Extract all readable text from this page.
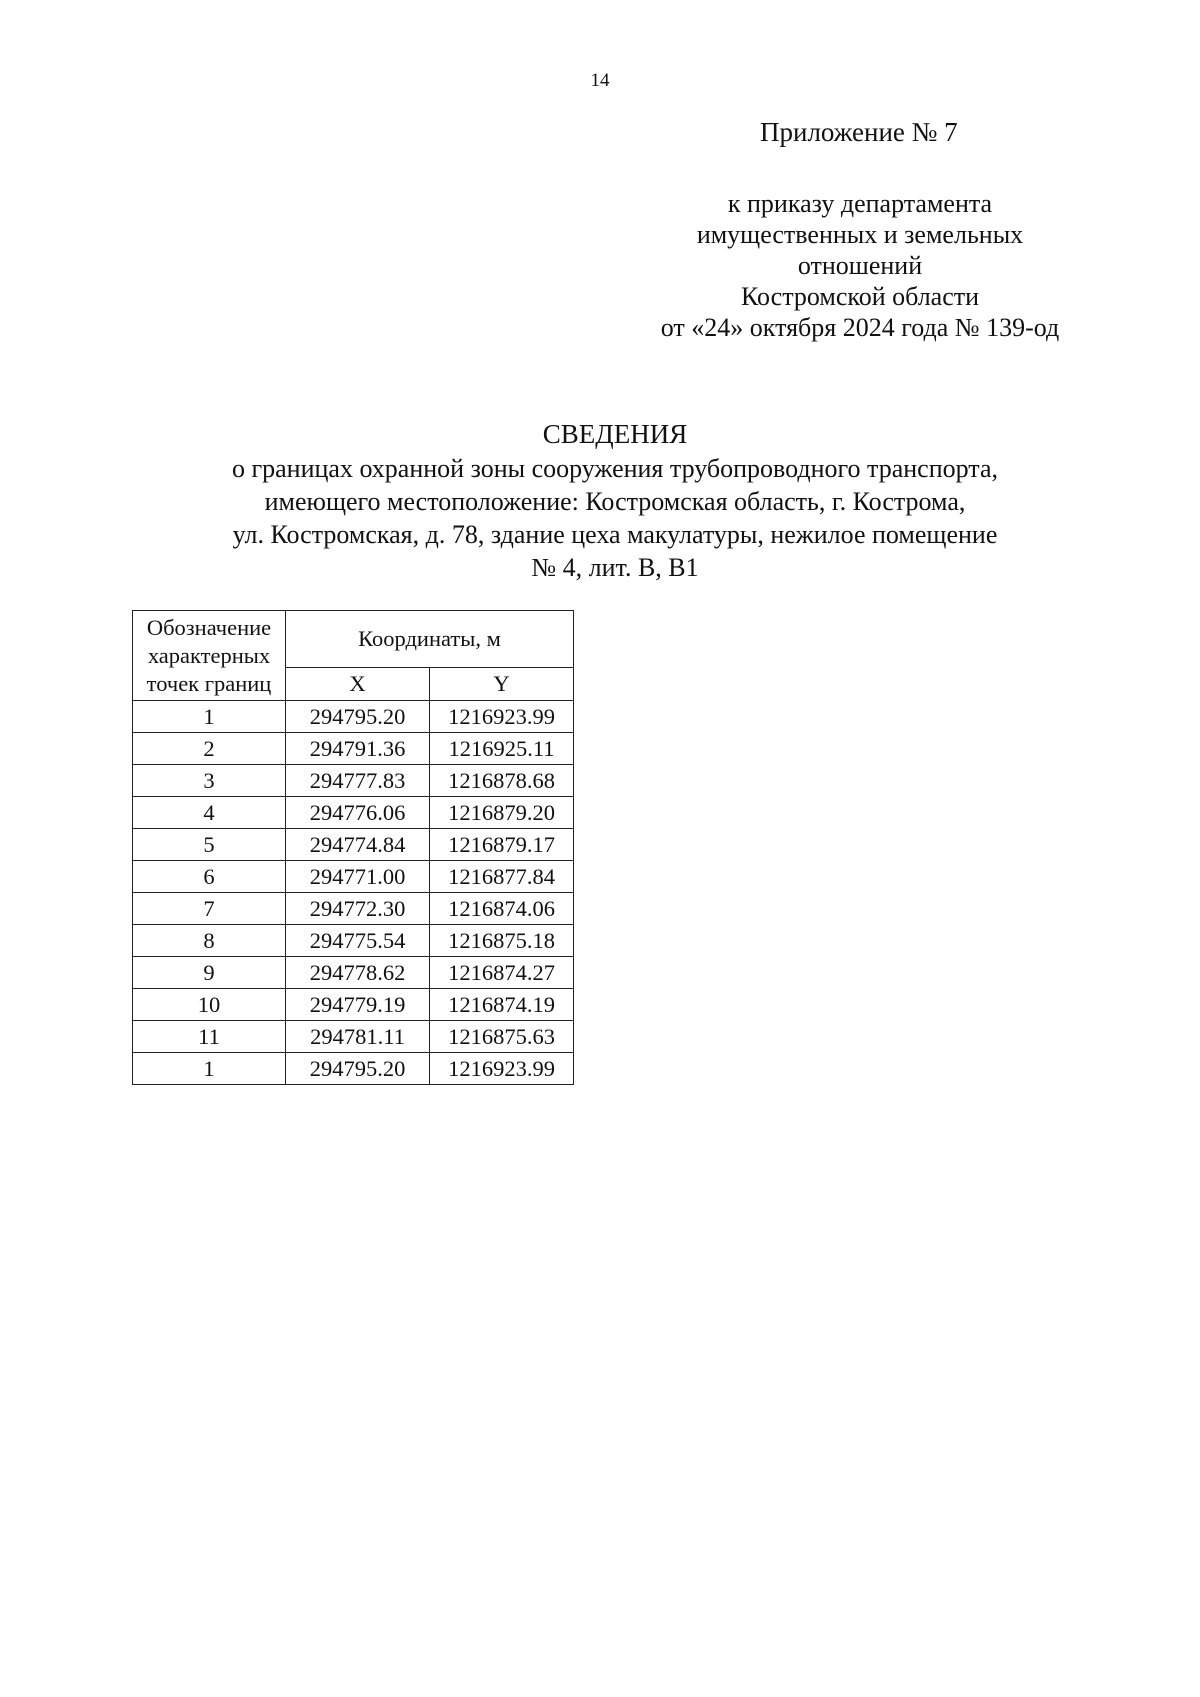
14
Приложение № 7
к приказу департамента
имущественных и земельных
отношений
Костромской области
от «24» октября 2024 года № 139-од
СВЕДЕНИЯ
о границах охранной зоны сооружения трубопроводного транспорта,
имеющего местоположение: Костромская область, г. Кострома,
ул. Костромская, д. 78, здание цеха макулатуры, нежилое помещение
№ 4, лит. В, В1
Обозначение
характерных
точек границ	Координаты, м	
	X	Y
1	294795.20	1216923.99
2	294791.36	1216925.11
3	294777.83	1216878.68
4	294776.06	1216879.20
5	294774.84	1216879.17
6	294771.00	1216877.84
7	294772.30	1216874.06
8	294775.54	1216875.18
9	294778.62	1216874.27
10	294779.19	1216874.19
11	294781.11	1216875.63
1	294795.20	1216923.99
